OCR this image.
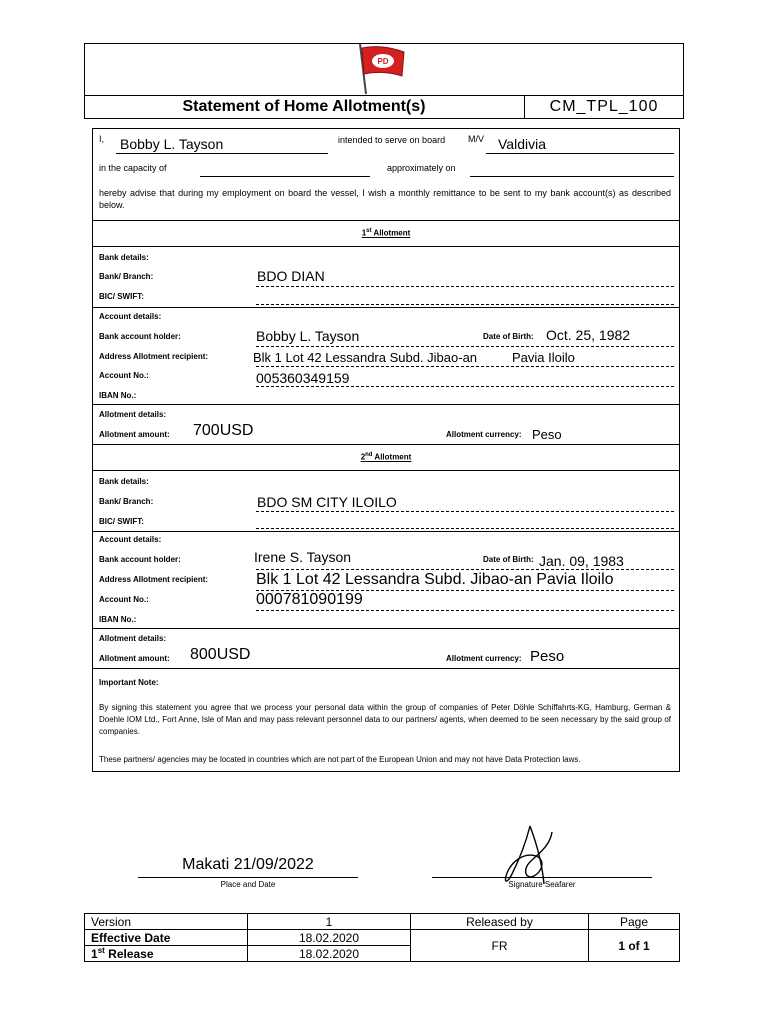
PD
Statement of Home Allotment(s)	CM_TPL_100
I, Bobby L. Tayson	intended to serve on board	M/V Valdivia
in the capacity of	approximately on
hereby advise that during my employment on board the vessel, I wish a monthly remittance to be sent to my bank account(s) as described below.
1st Allotment
Bank details:
Bank/ Branch:	BDO DIAN
BIC/ SWIFT:
Account details:
Bank account holder:	Bobby L. Tayson	Date of Birth: Oct. 25, 1982
Address Allotment recipient:	Blk 1 Lot 42 Lessandra Subd. Jibao-an	Pavia Iloilo
Account No.:	005360349159
IBAN No.:
Allotment details:
Allotment amount: 700USD	Allotment currency: Peso
2nd Allotment
Bank details:
Bank/ Branch:	BDO SM CITY ILOILO
BIC/ SWIFT:
Account details:
Bank account holder:	Irene S. Tayson	Date of Birth: Jan. 09, 1983
Address Allotment recipient:	Blk 1 Lot 42 Lessandra Subd. Jibao-an Pavia Iloilo
Account No.:	000781090199
IBAN No.:
Allotment details:
Allotment amount: 800USD	Allotment currency: Peso
Important Note:
By signing this statement you agree that we process your personal data within the group of companies of Peter Döhle Schiffahrts-KG, Hamburg, German & Doehle IOM Ltd., Fort Anne, Isle of Man and may pass relevant personnel data to our partners/ agents, when deemed to be seen necessary by the said group of companies.
These partners/ agencies may be located in countries which are not part of the European Union and may not have Data Protection laws.
Makati 21/09/2022
Place and Date	Signature Seafarer
Version	1	Released by	Page
Effective Date	18.02.2020	FR	1 of 1
1st Release	18.02.2020		
